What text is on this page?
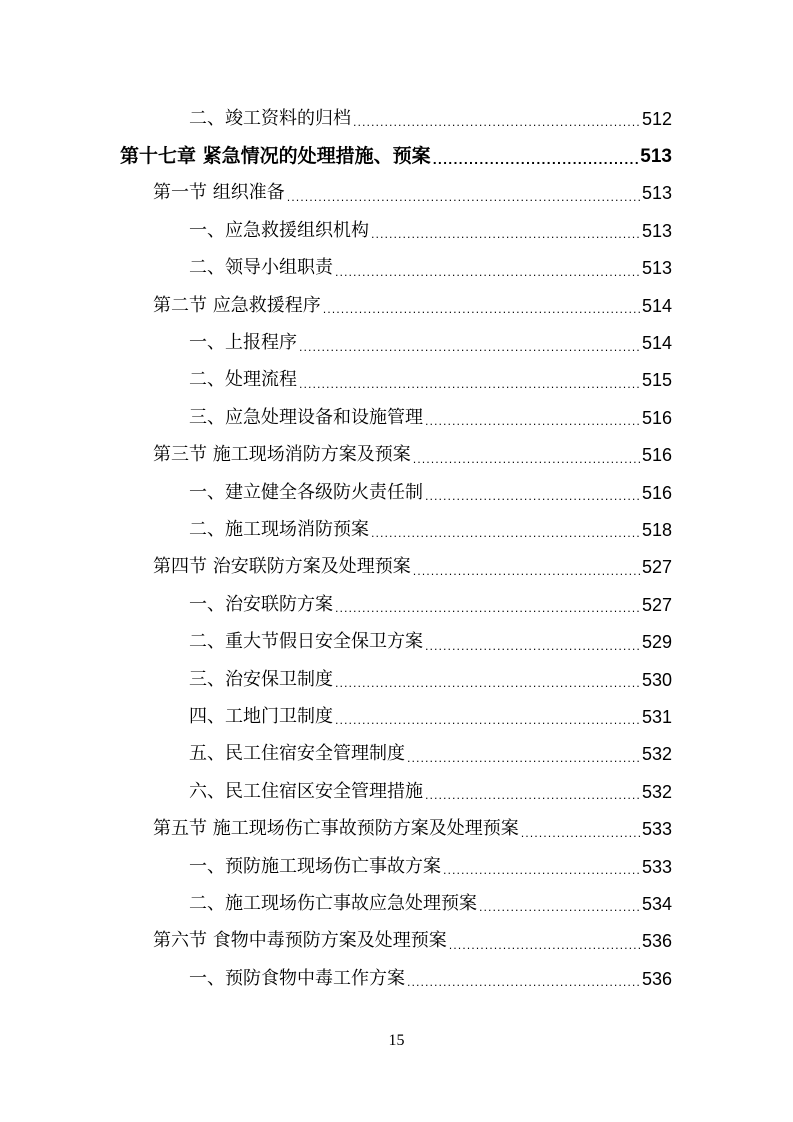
二、竣工资料的归档 .....	512
第十七章 紧急情况的处理措施、预案 .....	513
第一节 组织准备 .....	513
一、应急救援组织机构 .....	513
二、领导小组职责 .....	513
第二节 应急救援程序 .....	514
一、上报程序 .....	514
二、处理流程 .....	515
三、应急处理设备和设施管理 .....	516
第三节 施工现场消防方案及预案 .....	516
一、建立健全各级防火责任制 .....	516
二、施工现场消防预案 .....	518
第四节 治安联防方案及处理预案 .....	527
一、治安联防方案 .....	527
二、重大节假日安全保卫方案 .....	529
三、治安保卫制度 .....	530
四、工地门卫制度 .....	531
五、民工住宿安全管理制度 .....	532
六、民工住宿区安全管理措施 .....	532
第五节 施工现场伤亡事故预防方案及处理预案 .....	533
一、预防施工现场伤亡事故方案 .....	533
二、施工现场伤亡事故应急处理预案 .....	534
第六节 食物中毒预防方案及处理预案 .....	536
一、预防食物中毒工作方案 .....	536
15
